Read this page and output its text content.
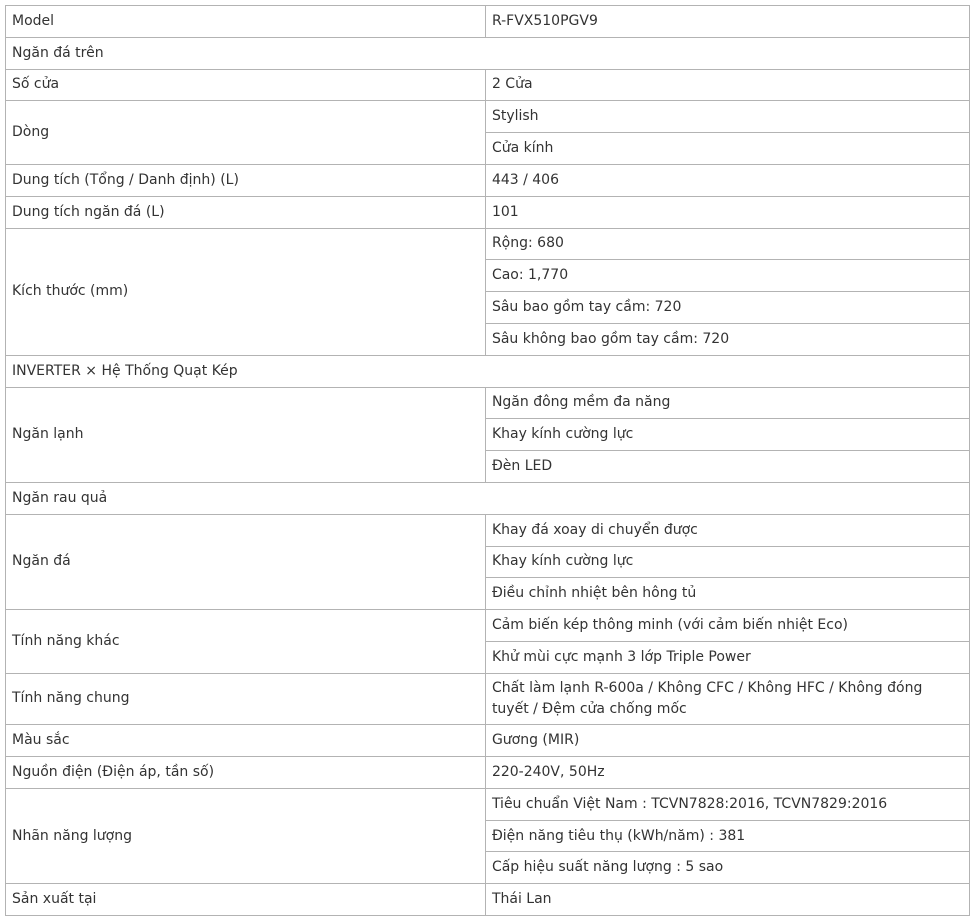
Model	R-FVX510PGV9
Ngăn đá trên	
Số cửa	2 Cửa
Dòng	Stylish
	Cửa kính
Dung tích (Tổng / Danh định) (L)	443 / 406
Dung tích ngăn đá (L)	101
Kích thước (mm)	Rộng: 680
	Cao: 1,770
	Sâu bao gồm tay cầm: 720
	Sâu không bao gồm tay cầm: 720
INVERTER × Hệ Thống Quạt Kép	
Ngăn lạnh	Ngăn đông mềm đa năng
	Khay kính cường lực
	Đèn LED
Ngăn rau quả	
Ngăn đá	Khay đá xoay di chuyển được
	Khay kính cường lực
	Điều chỉnh nhiệt bên hông tủ
Tính năng khác	Cảm biến kép thông minh (với cảm biến nhiệt Eco)
	Khử mùi cực mạnh 3 lớp Triple Power
Tính năng chung	Chất làm lạnh R-600a / Không CFC / Không HFC / Không đóng tuyết / Đệm cửa chống mốc
Màu sắc	Gương (MIR)
Nguồn điện (Điện áp, tần số)	220-240V, 50Hz
Nhãn năng lượng	Tiêu chuẩn Việt Nam : TCVN7828:2016, TCVN7829:2016
	Điện năng tiêu thụ (kWh/năm) : 381
	Cấp hiệu suất năng lượng : 5 sao
Sản xuất tại	Thái Lan
